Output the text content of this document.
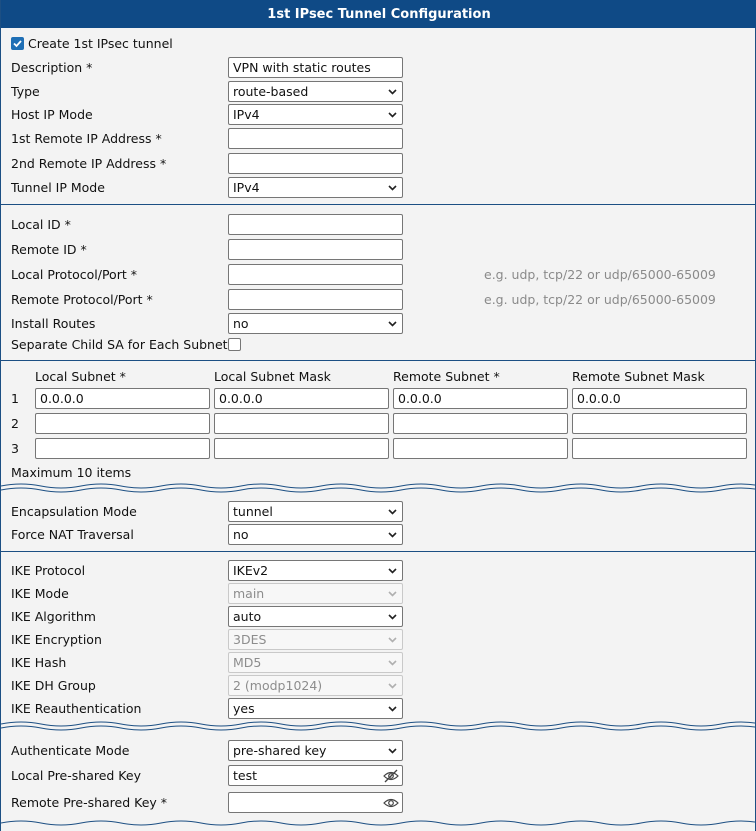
1st IPsec Tunnel Configuration
Create 1st IPsec tunnel
Description *	VPN with static routes
Type	route-based
Host IP Mode	IPv4
1st Remote IP Address *
2nd Remote IP Address *
Tunnel IP Mode	IPv4
Local ID *
Remote ID *
Local Protocol/Port *	e.g. udp, tcp/22 or udp/65000-65009
Remote Protocol/Port *	e.g. udp, tcp/22 or udp/65000-65009
Install Routes	no
Separate Child SA for Each Subnet
Local Subnet *	Local Subnet Mask	Remote Subnet *	Remote Subnet Mask
1 0.0.0.0	0.0.0.0	0.0.0.0	0.0.0.0
2
3
Maximum 10 items
Encapsulation Mode	tunnel
Force NAT Traversal	no
IKE Protocol	IKEv2
IKE Mode	main
IKE Algorithm	auto
IKE Encryption	3DES
IKE Hash	MD5
IKE DH Group	2 (modp1024)
IKE Reauthentication	yes
Authenticate Mode	pre-shared key
Local Pre-shared Key	test
Remote Pre-shared Key *
